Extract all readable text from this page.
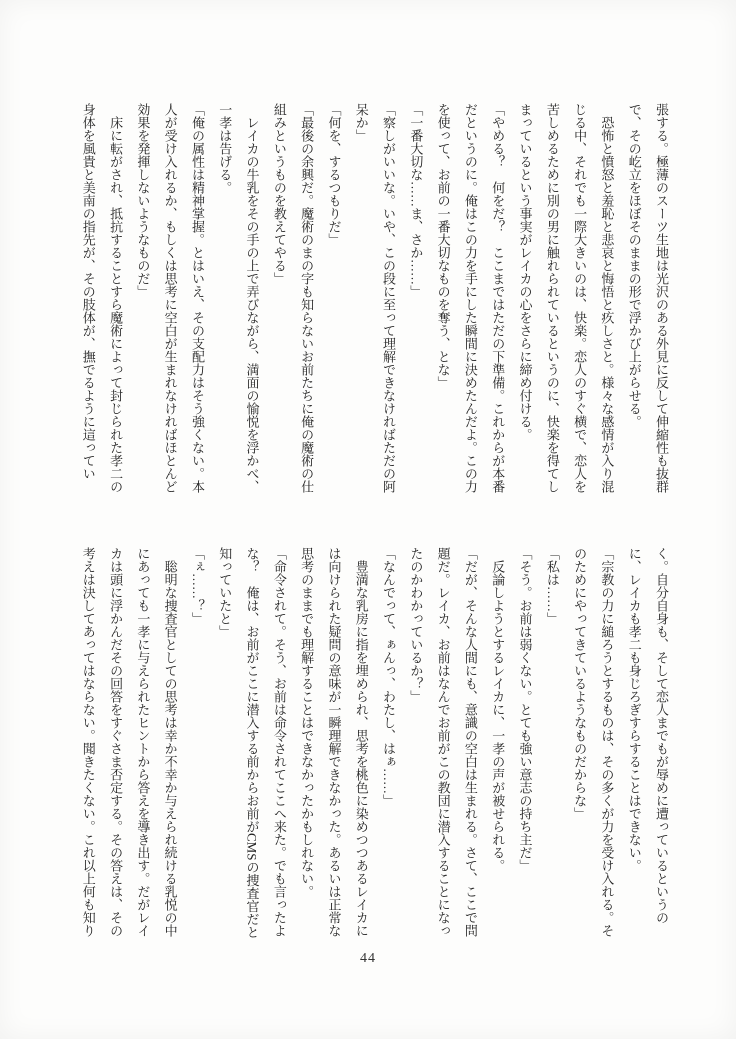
張する。極薄のスーツ生地は光沢のある外見に反して伸縮性も抜群
で、その屹立をほぼそのままの形で浮かび上がらせる。
　恐怖と憤怒と羞恥と悲哀と悔悟と疚しさと。様々な感情が入り混
じる中、それでも一際大きいのは、快楽。恋人のすぐ横で、恋人を
苦しめるために別の男に触れられているというのに、快楽を得てし
まっているという事実がレイカの心をさらに締め付ける。
「やめる？　何をだ？　ここまではただの下準備。これからが本番
だというのに。俺はこの力を手にした瞬間に決めたんだよ。この力
を使って、お前の一番大切なものを奪う、とな」
「一番大切な……ま、さか……」
「察しがいいな。いや、この段に至って理解できなければただの阿
呆か」
「何を、するつもりだ」
「最後の余興だ。魔術のまの字も知らないお前たちに俺の魔術の仕
組みというものを教えてやる」
　レイカの牛乳をその手の上で弄びながら、満面の愉悦を浮かべ、
一孝は告げる。
「俺の属性は精神掌握。とはいえ、その支配力はそう強くない。本
人が受け入れるか、もしくは思考に空白が生まれなければほとんど
効果を発揮しないようなものだ」
　床に転がされ、抵抗することすら魔術によって封じられた孝二の
身体を風貴と美南の指先が、その肢体が、撫でるように這ってい
く。自分自身も、そして恋人までもが辱めに遭っているというの
に、レイカも孝二も身じろぎすらすることはできない。
「宗教の力に縋ろうとするものは、その多くが力を受け入れる。そ
のためにやってきているようなものだからな」
「私は……」
「そう。お前は弱くない。とても強い意志の持ち主だ」
　反論しようとするレイカに、一孝の声が被せられる。
「だが、そんな人間にも、意識の空白は生まれる。さて、ここで問
題だ。レイカ、お前はなんでお前がこの教団に潜入することになっ
たのかわかっているか？」
「なんでって、ぁんっ、わたし、はぁ……」
　豊満な乳房に指を埋められ、思考を桃色に染めつつあるレイカに
は向けられた疑問の意味が一瞬理解できなかった。あるいは正常な
思考のままでも理解することはできなかったかもしれない。
「命令されて。そう、お前は命令されてここへ来た。でも言ったよ
な？　俺は、お前がここに潜入する前からお前がCMSの捜査官だと
知っていたと」
「ぇ……？」
　聡明な捜査官としての思考は幸か不幸か与えられ続ける乳悦の中
にあっても一孝に与えられたヒントから答えを導き出す。だがレイ
カは頭に浮かんだその回答をすぐさま否定する。その答えは、その
考えは決してあってはならない。聞きたくない。これ以上何も知り
44
